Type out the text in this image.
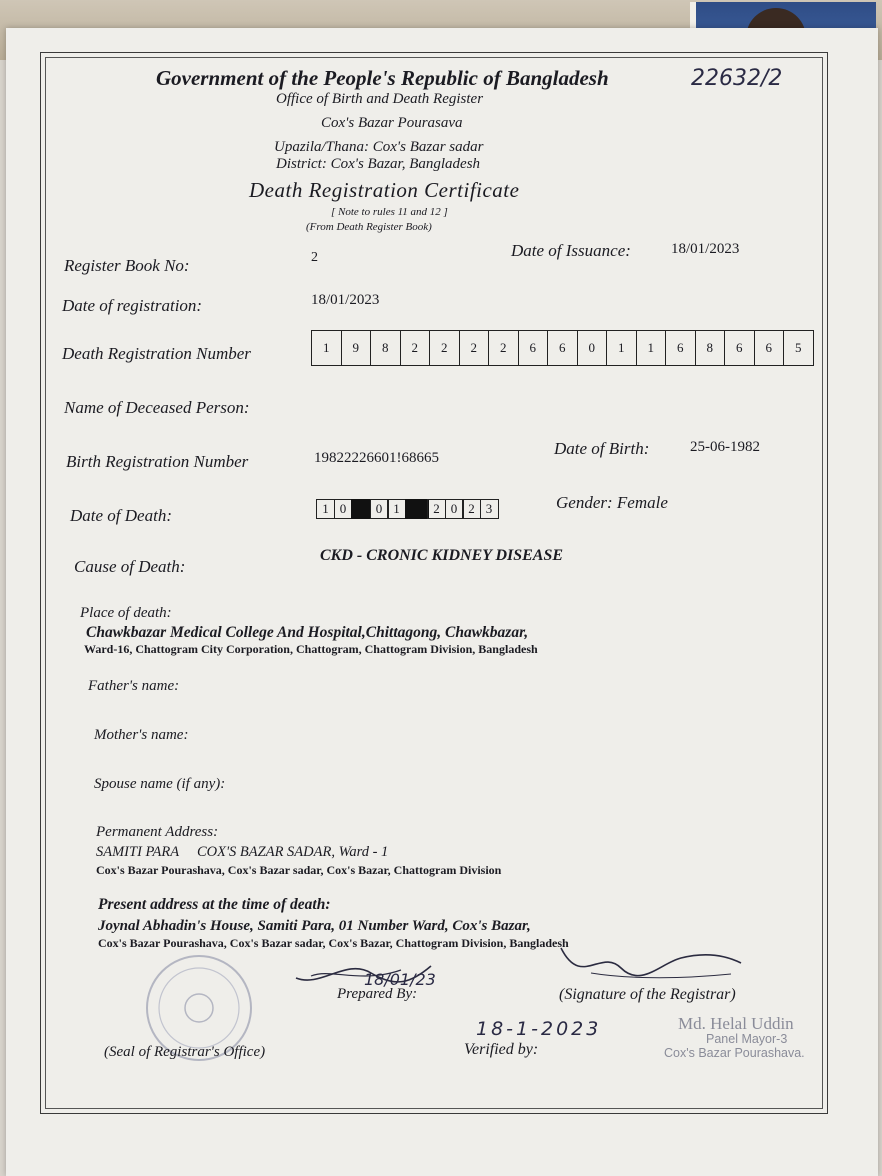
Government of the People's Republic of Bangladesh	22632/2
Office of Birth and Death Register
Cox's Bazar Pourasava
Upazila/Thana: Cox's Bazar sadar
District: Cox's Bazar, Bangladesh
Death Registration Certificate
[ Note to rules 11 and 12 ]
(From Death Register Book)
Register Book No:	2	Date of Issuance:	18/01/2023
Date of registration:	18/01/2023
Death Registration Number	1	9	8	2	2	2	2	6	6	0	1	1	6	8	6	6	5
Name of Deceased Person:
Birth Registration Number	19822226601!68665	Date of Birth:	25-06-1982
Date of Death:	1 0	0 1	2 0 2 3	Gender: Female
Cause of Death:
CKD - CRONIC KIDNEY DISEASE
Place of death:
Chawkbazar Medical College And Hospital,Chittagong, Chawkbazar,
Ward-16, Chattogram City Corporation, Chattogram, Chattogram Division, Bangladesh
Father's name:
Mother's name:
Spouse name (if any):
Permanent Address:
SAMITI PARA     COX'S BAZAR SADAR, Ward - 1
Cox's Bazar Pourashava, Cox's Bazar sadar, Cox's Bazar, Chattogram Division
Present address at the time of death:
Joynal Abhadin's House, Samiti Para, 01 Number Ward, Cox's Bazar,
Cox's Bazar Pourashava, Cox's Bazar sadar, Cox's Bazar, Chattogram Division, Bangladesh
18/01/23
Prepared By:	(Signature of the Registrar)
18-1-2023	Md. Helal Uddin
Panel Mayor-3
Cox's Bazar Pourashava.
(Seal of Registrar's Office)	Verified by:
